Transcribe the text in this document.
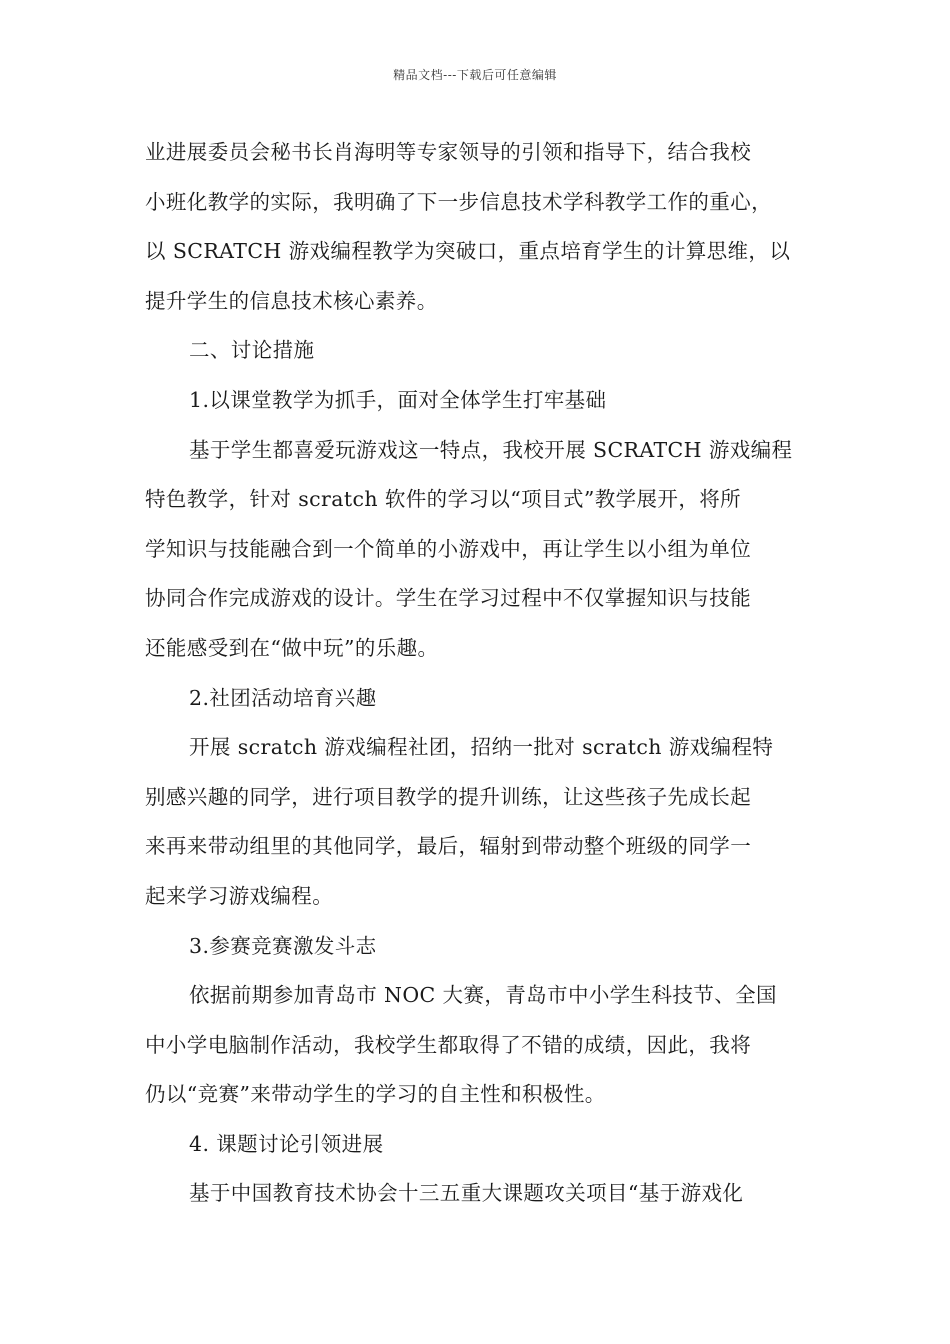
精品文档---下载后可任意编辑
业进展委员会秘书长肖海明等专家领导的引领和指导下，结合我校
小班化教学的实际，我明确了下一步信息技术学科教学工作的重心，
以 SCRATCH 游戏编程教学为突破口，重点培育学生的计算思维，以
提升学生的信息技术核心素养。
二、讨论措施
1.以课堂教学为抓手，面对全体学生打牢基础
基于学生都喜爱玩游戏这一特点，我校开展 SCRATCH 游戏编程
特色教学，针对 scratch 软件的学习以“项目式”教学展开，将所
学知识与技能融合到一个简单的小游戏中，再让学生以小组为单位
协同合作完成游戏的设计。学生在学习过程中不仅掌握知识与技能
还能感受到在“做中玩”的乐趣。
2.社团活动培育兴趣
开展 scratch 游戏编程社团，招纳一批对 scratch 游戏编程特
别感兴趣的同学，进行项目教学的提升训练，让这些孩子先成长起
来再来带动组里的其他同学，最后，辐射到带动整个班级的同学一
起来学习游戏编程。
3.参赛竞赛激发斗志
依据前期参加青岛市 NOC 大赛，青岛市中小学生科技节、全国
中小学电脑制作活动，我校学生都取得了不错的成绩，因此，我将
仍以“竞赛”来带动学生的学习的自主性和积极性。
4. 课题讨论引领进展
基于中国教育技术协会十三五重大课题攻关项目“基于游戏化
